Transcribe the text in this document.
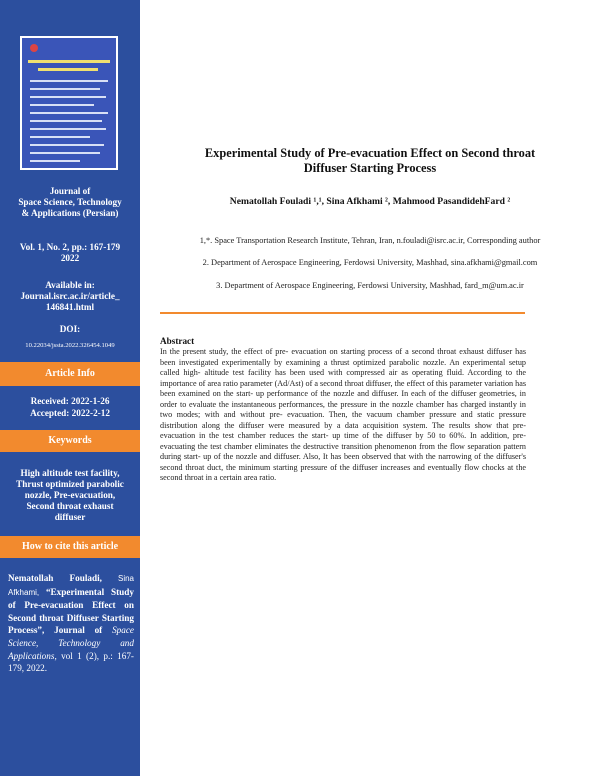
Journal of
Space Science, Technology
& Applications (Persian)
Vol. 1, No. 2, pp.: 167-179
2022
Available in:
Journal.isrc.ac.ir/article_
146841.html
DOI:
10.22034/jssta.2022.326454.1049
Article Info
Received: 2022-1-26
Accepted: 2022-2-12
Keywords
High altitude test facility,
Thrust optimized parabolic
nozzle, Pre-evacuation,
Second throat exhaust
diffuser
How to cite this article
Nematollah Fouladi, Sina Afkhami, “Experimental Study of Pre-evacuation Effect on Second throat Diffuser Starting Process”, Journal of Space Science, Technology and Applications, vol 1 (2), p.: 167-179, 2022.
Experimental Study of Pre-evacuation Effect on Second throat
Diffuser Starting Process
Nematollah Fouladi ¹,¹, Sina Afkhami ², Mahmood PasandidehFard ²
1,*. Space Transportation Research Institute, Tehran, Iran, n.fouladi@isrc.ac.ir, Corresponding author
2. Department of Aerospace Engineering, Ferdowsi University, Mashhad, sina.afkhami@gmail.com
3. Department of Aerospace Engineering, Ferdowsi University, Mashhad, fard_m@um.ac.ir
Abstract
In the present study, the effect of pre- evacuation on starting process of a second throat exhaust diffuser has been investigated experimentally by examining a thrust optimized parabolic nozzle. An experimental setup called high- altitude test facility has been used with compressed air as operating fluid. According to the importance of area ratio parameter (Ad/Ast) of a second throat diffuser, the effect of this parameter variation has been examined on the start- up performance of the nozzle and diffuser. In each of the diffuser geometries, in order to evaluate the instantaneous performances, the pressure in the nozzle chamber has charged instantly in two modes; with and without pre- evacuation. Then, the vacuum chamber pressure and static pressure distribution along the diffuser were measured by a data acquisition system. The results show that pre- evacuation in the test chamber reduces the start- up time of the diffuser by 50 to 60%. In addition, pre- evacuating the test chamber eliminates the destructive transition phenomenon from the flow separation pattern during start- up of the nozzle and diffuser. Also, It has been observed that with the narrowing of the diffuser's second throat duct, the minimum starting pressure of the diffuser increases and eventually flow chocks at the second throat in a certain area ratio.
